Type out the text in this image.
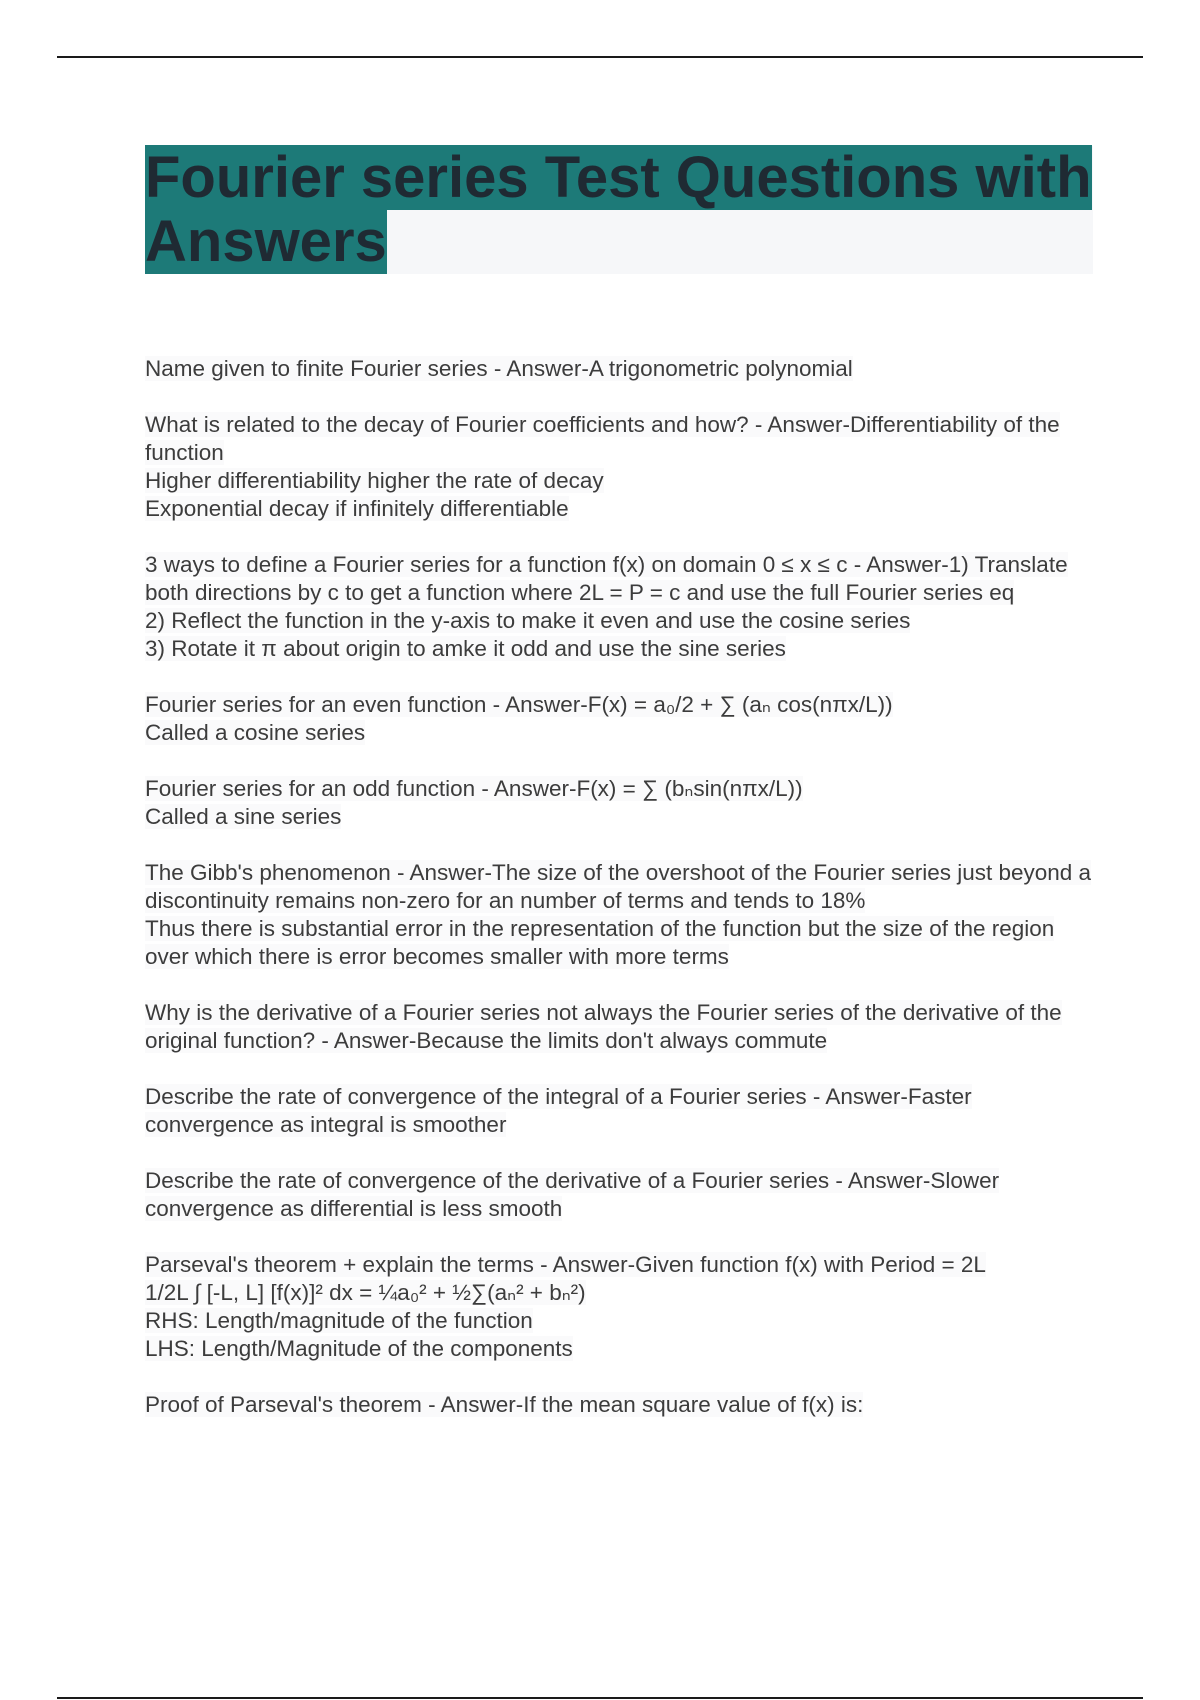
Fourier series Test Questions with Answers
Name given to finite Fourier series - Answer-A trigonometric polynomial
What is related to the decay of Fourier coefficients and how? - Answer-Differentiability of the function
Higher differentiability higher the rate of decay
Exponential decay if infinitely differentiable
3 ways to define a Fourier series for a function f(x) on domain 0 ≤ x ≤ c - Answer-1) Translate both directions by c to get a function where 2L = P = c and use the full Fourier series eq
2) Reflect the function in the y-axis to make it even and use the cosine series
3) Rotate it π about origin to amke it odd and use the sine series
Fourier series for an even function - Answer-F(x) = a₀/2 + ∑ (aₙ cos(nπx/L))
Called a cosine series
Fourier series for an odd function - Answer-F(x) = ∑ (bₙsin(nπx/L))
Called a sine series
The Gibb's phenomenon - Answer-The size of the overshoot of the Fourier series just beyond a discontinuity remains non-zero for an number of terms and tends to 18%
Thus there is substantial error in the representation of the function but the size of the region over which there is error becomes smaller with more terms
Why is the derivative of a Fourier series not always the Fourier series of the derivative of the original function? - Answer-Because the limits don't always commute
Describe the rate of convergence of the integral of a Fourier series - Answer-Faster convergence as integral is smoother
Describe the rate of convergence of the derivative of a Fourier series - Answer-Slower convergence as differential is less smooth
Parseval's theorem + explain the terms - Answer-Given function f(x) with Period = 2L
1/2L ∫ [-L, L] [f(x)]² dx = ¼a₀² + ½∑(aₙ² + bₙ²)
RHS: Length/magnitude of the function
LHS: Length/Magnitude of the components
Proof of Parseval's theorem - Answer-If the mean square value of f(x) is:
